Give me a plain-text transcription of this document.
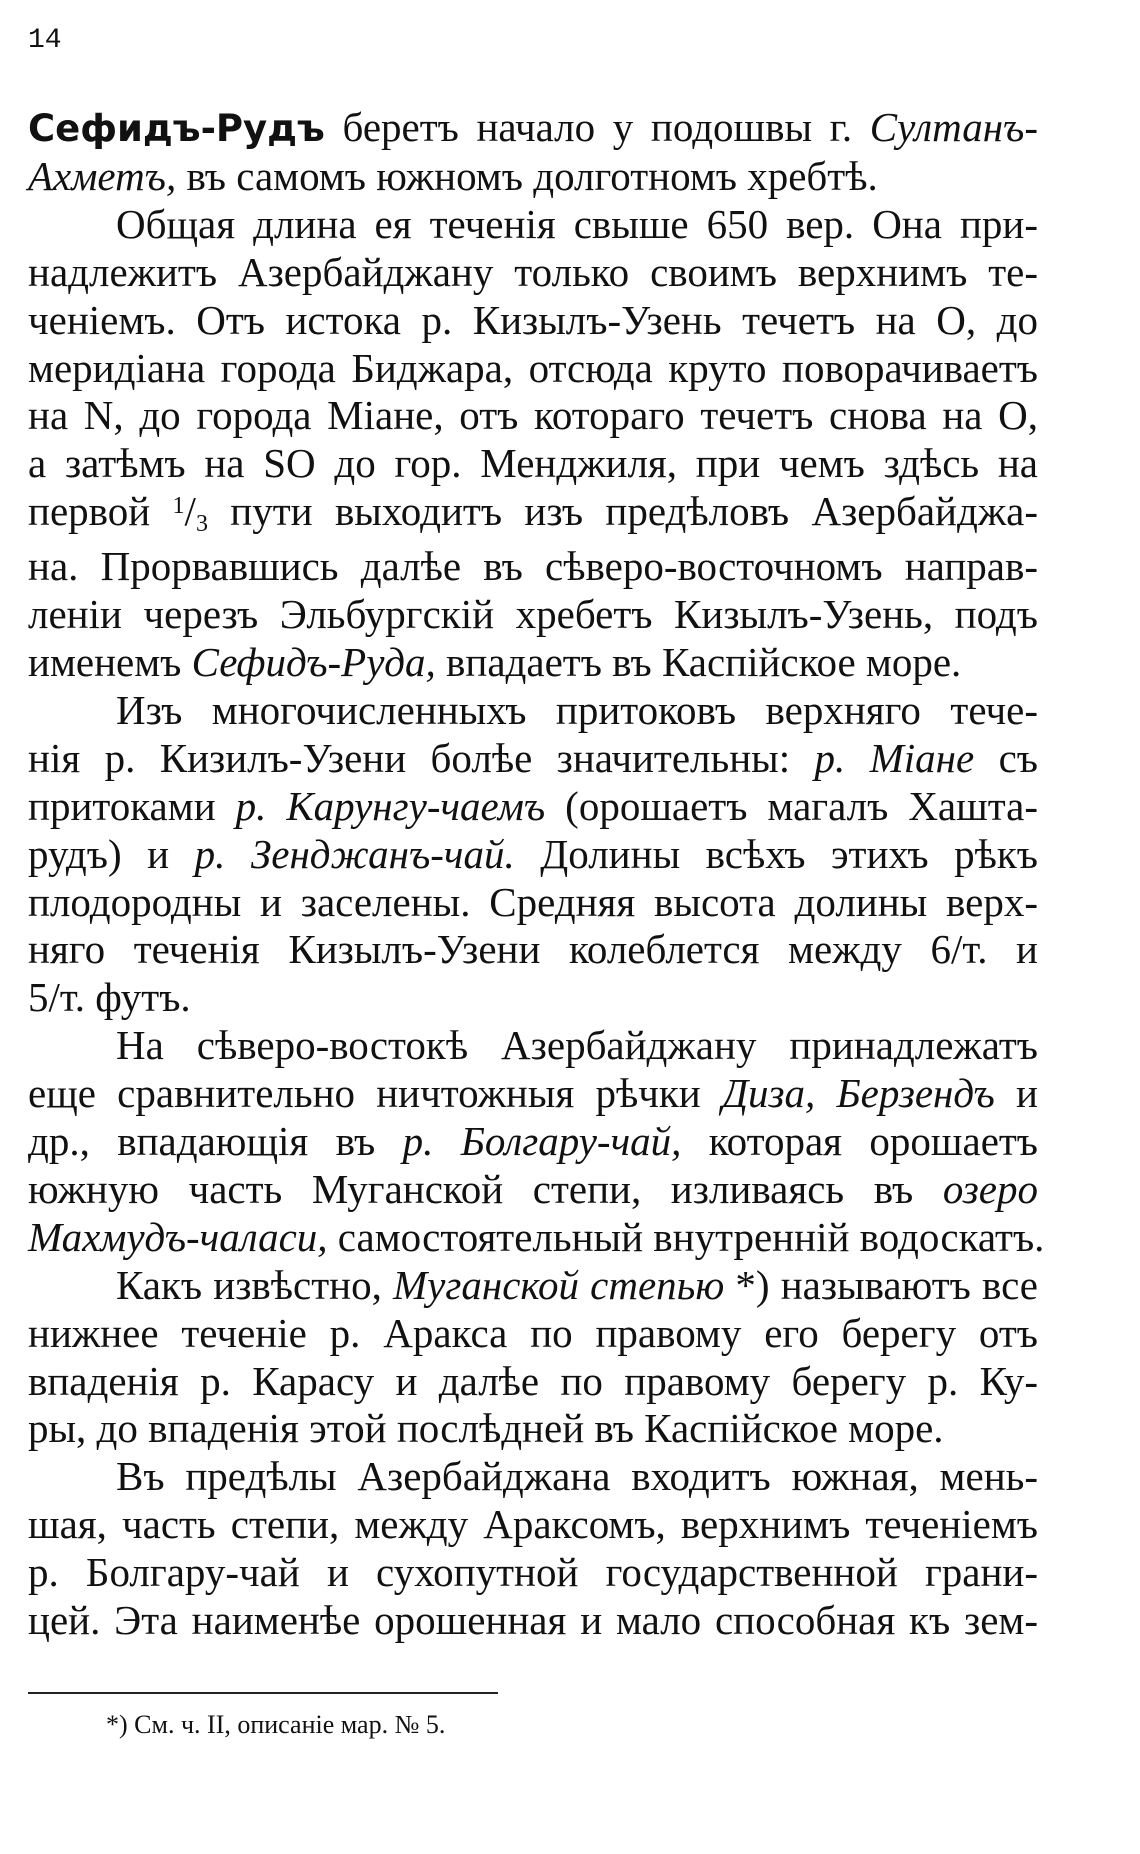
14
Сефидъ-Рудъ беретъ начало у подошвы г. Султанъ-
Ахметъ, въ самомъ южномъ долготномъ хребтѣ.
Общая длина ея теченія свыше 650 вер. Она при-
надлежитъ Азербайджану только своимъ верхнимъ те-
ченіемъ. Отъ истока р. Кизылъ-Узень течетъ на О, до
меридіана города Биджара, отсюда круто поворачиваетъ
на N, до города Міане, отъ котораго течетъ снова на О,
а затѣмъ на SO до гор. Менджиля, при чемъ здѣсь на
первой $^1$/3 пути выходитъ изъ предѣловъ Азербайджа-
на. Прорвавшись далѣе въ сѣверо-восточномъ направ-
леніи черезъ Эльбургскій хребетъ Кизылъ-Узень, подъ
именемъ Сефидъ-Руда, впадаетъ въ Каспійское море.
Изъ многочисленныхъ притоковъ верхняго тече-
нія р. Кизилъ-Узени болѣе значительны: р. Міане съ
притоками р. Карунгу-чаемъ (орошаетъ магалъ Хашта-
рудъ) и р. Зенджанъ-чай. Долины всѣхъ этихъ рѣкъ
плодородны и заселены. Средняя высота долины верх-
няго теченія Кизылъ-Узени колеблется между 6/т. и
5/т. футъ.
На сѣверо-востокѣ Азербайджану принадлежатъ
еще сравнительно ничтожныя рѣчки Диза, Берзендъ и
др., впадающія въ р. Болгару-чай, которая орошаетъ
южную часть Муганской степи, изливаясь въ озеро
Махмудъ-чаласи, самостоятельный внутренній водоскатъ.
Какъ извѣстно, Муганской степью *) называютъ все
нижнее теченіе р. Аракса по правому его берегу отъ
впаденія р. Карасу и далѣе по правому берегу р. Ку-
ры, до впаденія этой послѣдней въ Каспійское море.
Въ предѣлы Азербайджана входитъ южная, мень-
шая, часть степи, между Араксомъ, верхнимъ теченіемъ
р. Болгару-чай и сухопутной государственной грани-
цей. Эта наименѣе орошенная и мало способная къ зем-
*) См. ч. II, описаніе мар. № 5.
